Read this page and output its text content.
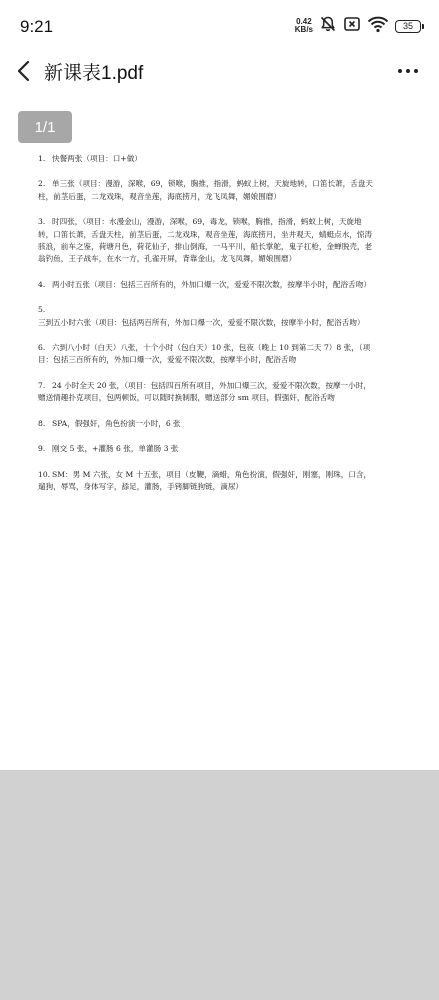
9:21	0.42
KB/s	35
新课表1.pdf
1/1
1. 快餐两张（项目：口+做）
2. 单三张（项目：漫游，深喉，69，锁喉，胸推，指滑，蚂蚁上树，天旋地转，口笛长萧，舌盘天柱，前茎后蛋，二龙戏珠，观音坐莲，海底捞月，龙飞凤舞，媚娘围磨）
3. 时四张，（项目：水漫金山，漫游，深喉，69，毒龙，锁喉，胸推，指滑，蚂蚁上树，天旋地转，口笛长萧，舌盘天柱，前茎后蛋，二龙戏珠，观音坐莲，海底捞月，坐井观天，蜻蜓点水，惊涛骇浪，前车之鉴，荷塘月色，荷花仙子，排山倒海，一马平川，船长掌舵，鬼子扛枪，金蝉脱壳，老翁钓鱼，王子战车，在水一方，孔雀开屏，背靠金山，龙飞凤舞，媚娘围磨）
4. 两小时五张（项目：包括三百所有的，外加口爆一次，爱爱不限次数，按摩半小时，配浴舌吻）
5.三到五小时六张（项目：包括两百所有，外加口爆一次，爱爱不限次数，按摩半小时，配浴舌吻）
6. 六到八小时（白天）八张，十个小时（包白天）10 张，包夜（晚上 10 到第二天 7）8 张，（项目：包括三百所有的，外加口爆一次，爱爱不限次数，按摩半小时，配浴舌吻
7. 24 小时全天 20 张，（项目：包括四百所有项目，外加口爆三次，爱爱不限次数，按摩一小时，赠送情趣扑克项目，包两顿饭，可以随时换制服，赠送部分 sm 项目，假强奸，配浴舌吻
8. SPA，假强奸，角色扮演一小时，6 张
9. 刚交 5 张，+灌肠 6 张，单灌肠 3 张
10. SM：男 M 六张，女 M 十五张，项目（皮鞭，滴蜡，角色扮演，假强奸，刚塞，刚珠，口含，遛狗，辱骂，身体写字，舔足，灌肠，手铐脚链狗链，滴尿）
